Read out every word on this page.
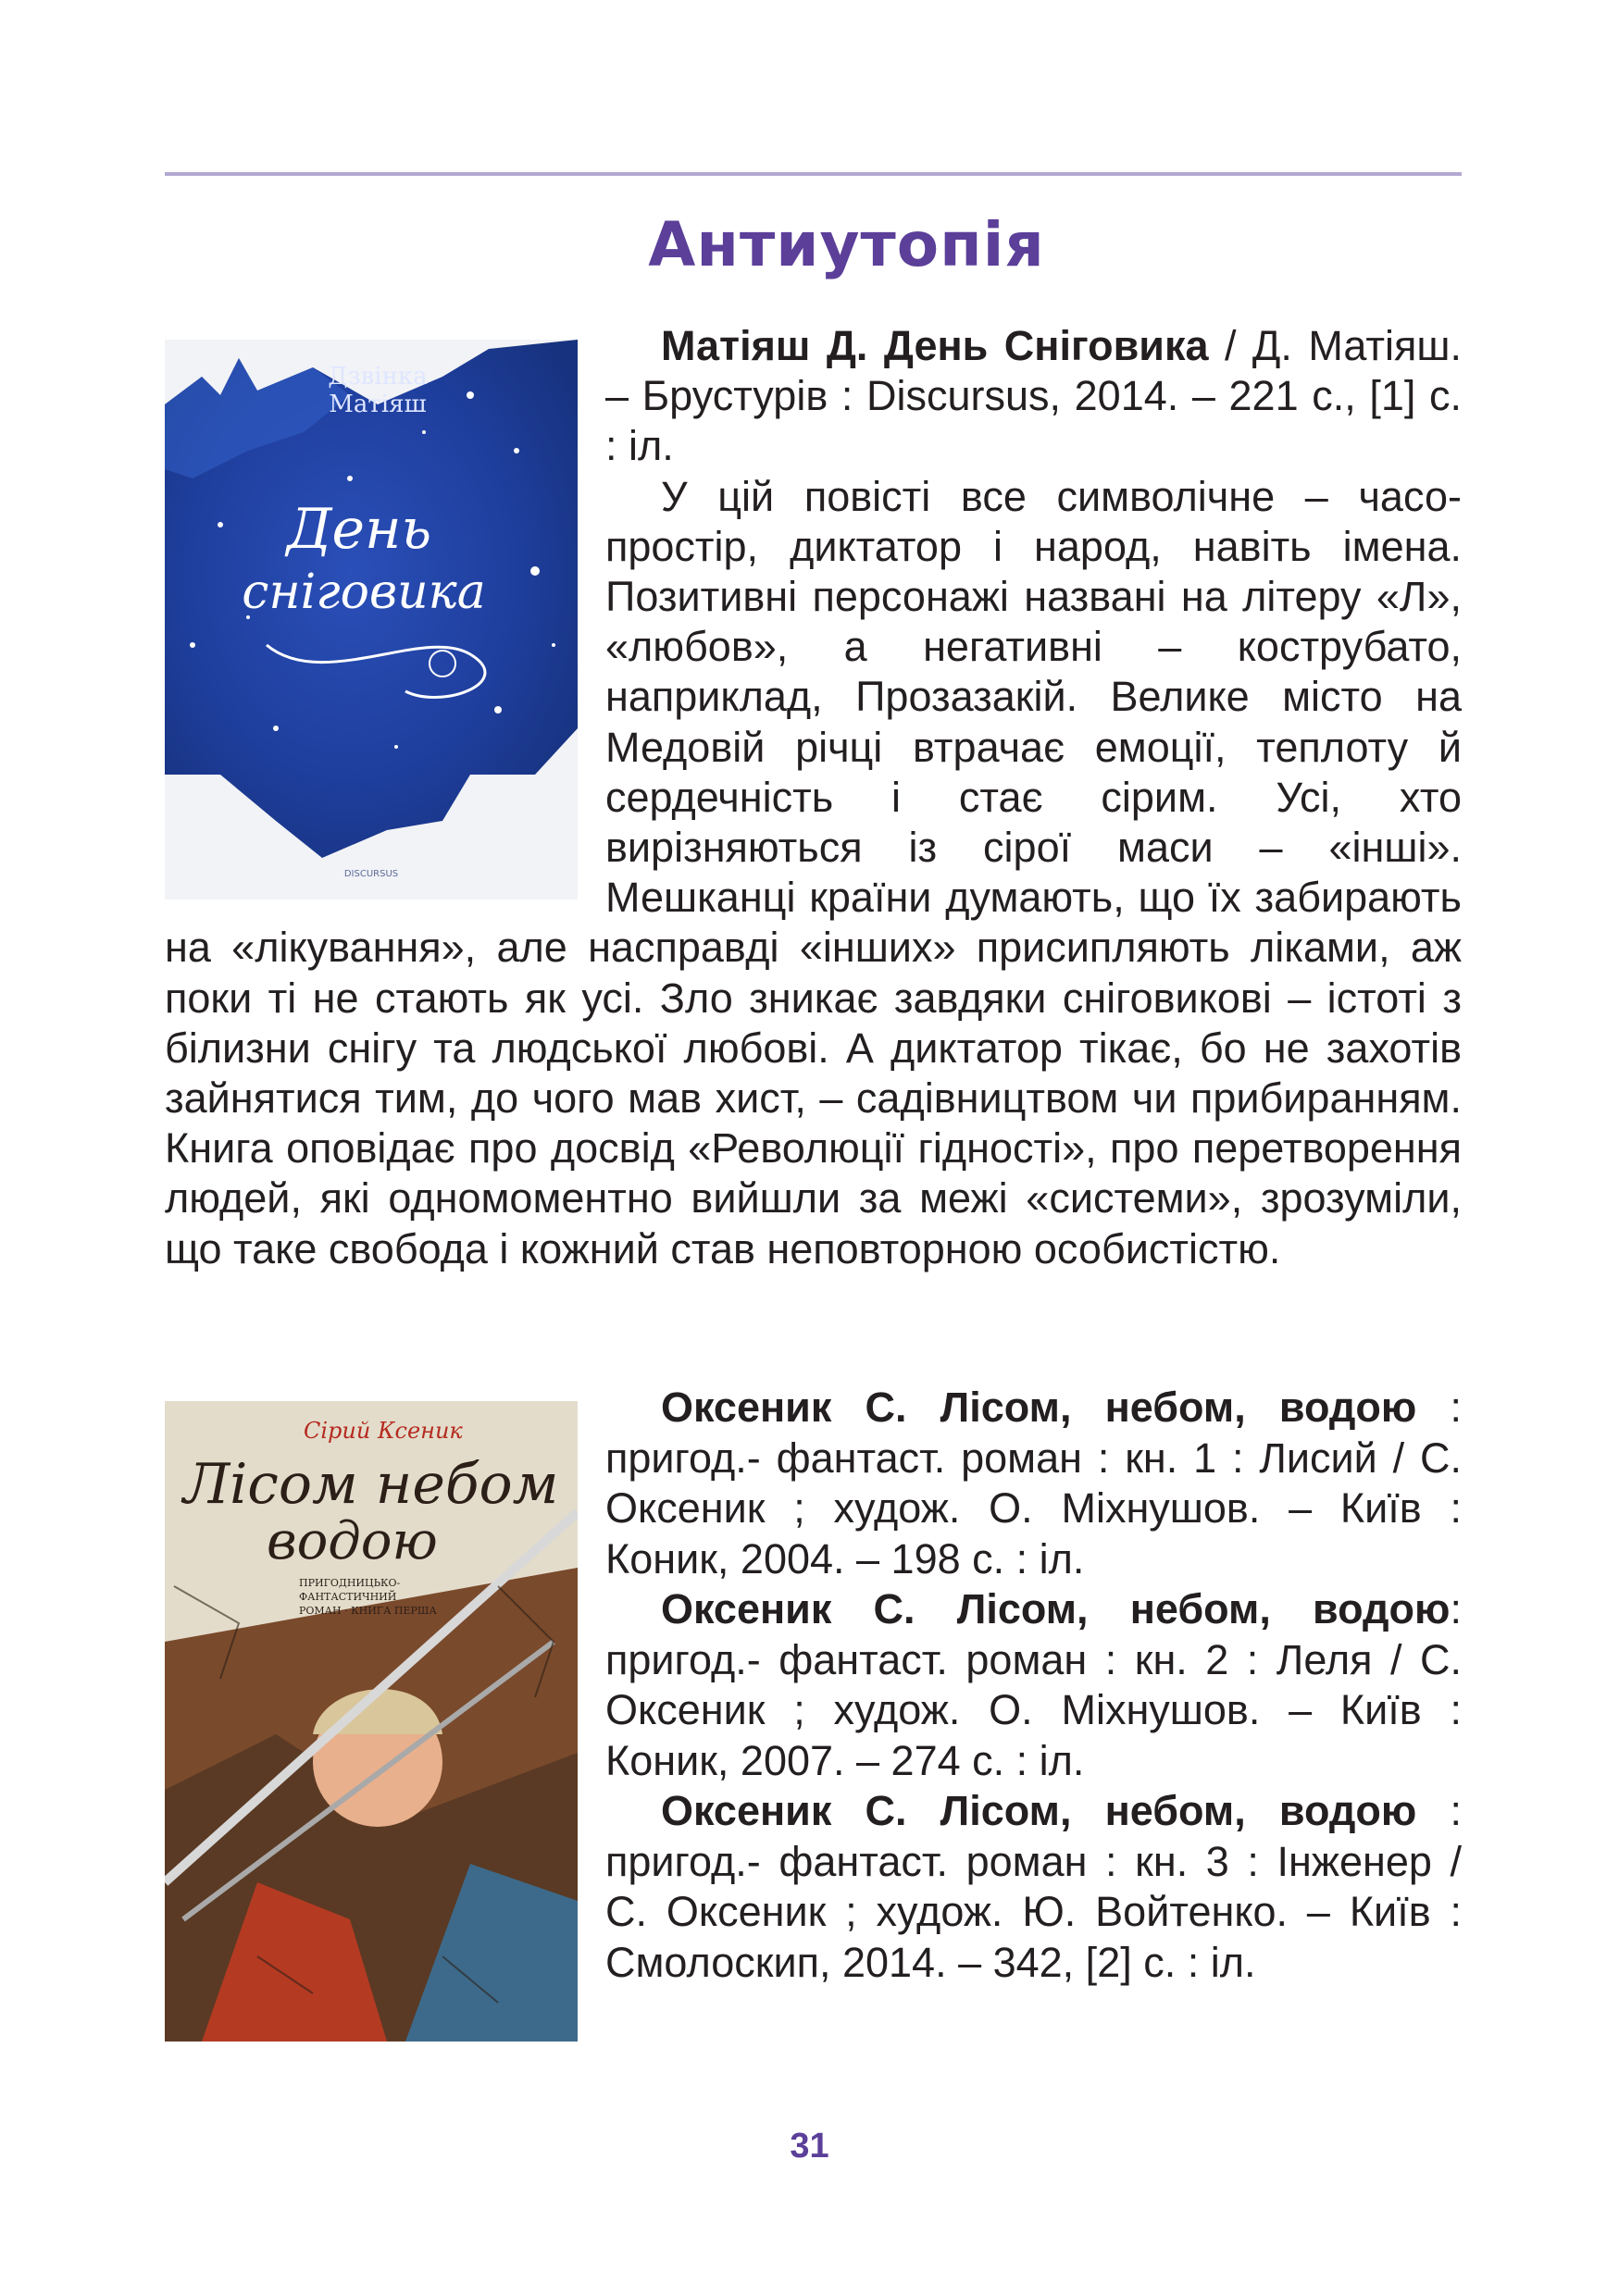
Антиутопія
Дзвінка
Матіяш
День
сніговика
DISCURSUS

Матіяш Д. День Сніговика / Д. Матіяш. – Брустурів : Discursus, 2014. – 221 с., [1] с. : іл.

У цій повісті все символічне – часопростір, диктатор і народ, навіть імена. Позитивні персонажі названі на літеру «Л», «любов», а негативні – кострубато, наприклад, Прозазакій. Велике місто на Медовій річці втрачає емоції, теплоту й сердечність і стає сірим. Усі, хто вирізняються із сірої маси – «інші». Мешканці країни думають, що їх забирають на «лікування», але насправді «інших» присипляють ліками, аж поки ті не стають як усі. Зло зникає завдяки сніговикові – істоті з білизни снігу та людської любові. А диктатор тікає, бо не захотів зайнятися тим, до чого мав хист, – садівництвом чи прибиранням. Книга оповідає про досвід «Революції гідності», про перетворення людей, які одномоментно вийшли за межі «системи», зрозуміли, що таке свобода і кожний став неповторною особистістю.

Сірий Ксеник
Лісом небом
водою
ПРИГОДНИЦЬКО-
ФАНТАСТИЧНИЙ
РОМАН · КНИГА ПЕРША

Оксеник С. Лісом, небом, водою : пригод.- фантаст. роман : кн. 1 : Лисий / С. Оксеник ; худож. О. Міхнушов. – Київ : Коник, 2004. – 198 с. : іл.

Оксеник С. Лісом, небом, водою: пригод.- фантаст. роман : кн. 2 : Леля / С. Оксеник ; худож. О. Міхнушов. – Київ : Коник, 2007. – 274 с. : іл.

Оксеник С. Лісом, небом, водою : пригод.- фантаст. роман : кн. 3 : Інженер / С. Оксеник ; худож. Ю. Войтенко. – Київ : Смолоскип, 2014. – 342, [2] с. : іл.

31
